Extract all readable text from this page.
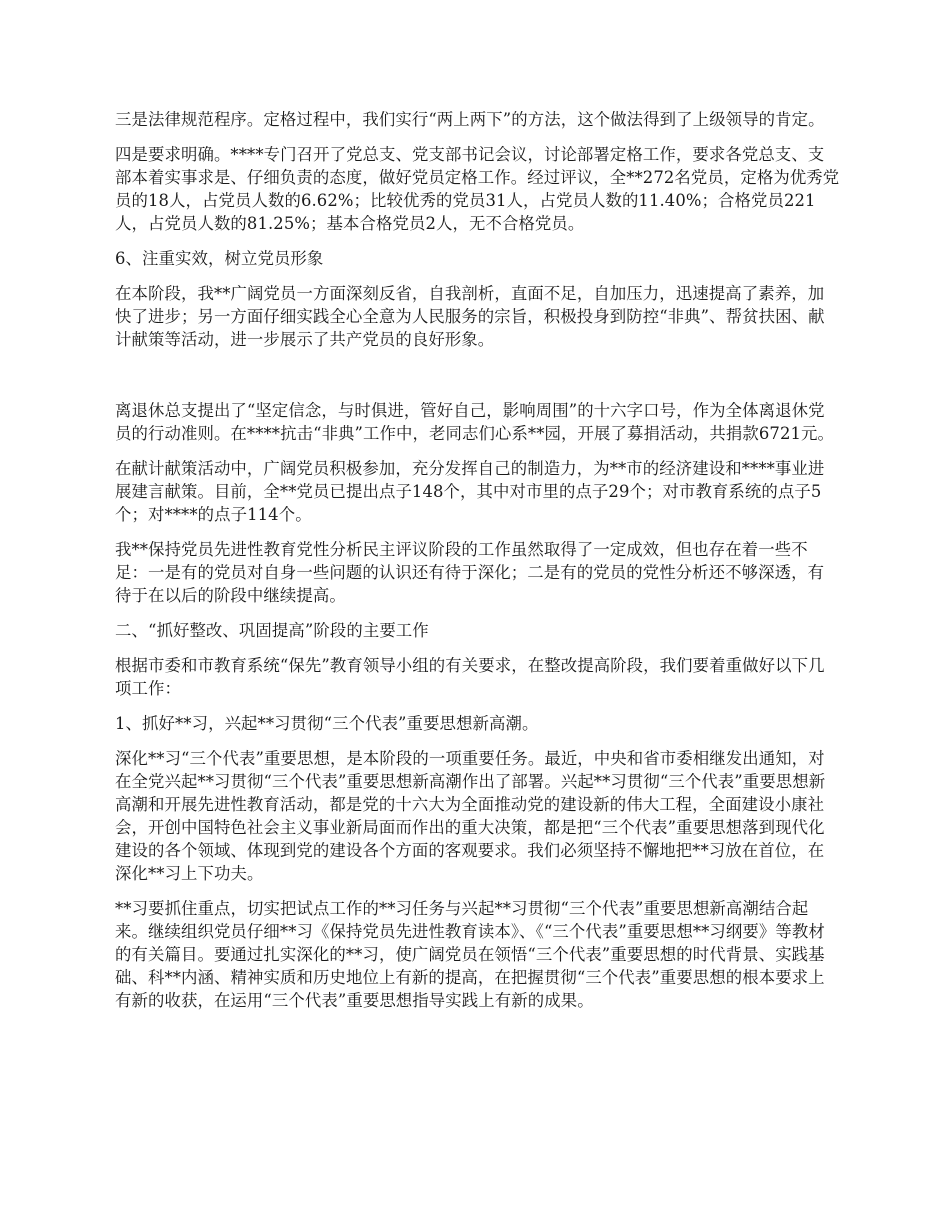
三是法律规范程序。定格过程中，我们实行“两上两下”的方法，这个做法得到了上级领导的肯定。

四是要求明确。****专门召开了党总支、党支部书记会议，讨论部署定格工作，要求各党总支、支部本着实事求是、仔细负责的态度，做好党员定格工作。经过评议，全**272名党员，定格为优秀党员的18人，占党员人数的6.62%；比较优秀的党员31人，占党员人数的11.40%；合格党员221人，占党员人数的81.25%；基本合格党员2人，无不合格党员。

6、注重实效，树立党员形象

在本阶段，我**广阔党员一方面深刻反省，自我剖析，直面不足，自加压力，迅速提高了素养，加快了进步；另一方面仔细实践全心全意为人民服务的宗旨，积极投身到防控“非典”、帮贫扶困、献计献策等活动，进一步展示了共产党员的良好形象。

离退休总支提出了“坚定信念，与时俱进，管好自己，影响周围”的十六字口号，作为全体离退休党员的行动准则。在****抗击“非典”工作中，老同志们心系**园，开展了募捐活动，共捐款6721元。

在献计献策活动中，广阔党员积极参加，充分发挥自己的制造力，为**市的经济建设和****事业进展建言献策。目前，全**党员已提出点子148个，其中对市里的点子29个；对市教育系统的点子5个；对****的点子114个。

我**保持党员先进性教育党性分析民主评议阶段的工作虽然取得了一定成效，但也存在着一些不足：一是有的党员对自身一些问题的认识还有待于深化；二是有的党员的党性分析还不够深透，有待于在以后的阶段中继续提高。

二、“抓好整改、巩固提高”阶段的主要工作

根据市委和市教育系统“保先”教育领导小组的有关要求，在整改提高阶段，我们要着重做好以下几项工作：

1、抓好**习，兴起**习贯彻“三个代表”重要思想新高潮。

深化**习“三个代表”重要思想，是本阶段的一项重要任务。最近，中央和省市委相继发出通知，对在全党兴起**习贯彻“三个代表”重要思想新高潮作出了部署。兴起**习贯彻“三个代表”重要思想新高潮和开展先进性教育活动，都是党的十六大为全面推动党的建设新的伟大工程，全面建设小康社会，开创中国特色社会主义事业新局面而作出的重大决策，都是把“三个代表”重要思想落到现代化建设的各个领域、体现到党的建设各个方面的客观要求。我们必须坚持不懈地把**习放在首位，在深化**习上下功夫。

**习要抓住重点，切实把试点工作的**习任务与兴起**习贯彻“三个代表”重要思想新高潮结合起来。继续组织党员仔细**习《保持党员先进性教育读本》、《“三个代表”重要思想**习纲要》等教材的有关篇目。要通过扎实深化的**习，使广阔党员在领悟“三个代表”重要思想的时代背景、实践基础、科**内涵、精神实质和历史地位上有新的提高，在把握贯彻“三个代表”重要思想的根本要求上有新的收获，在运用“三个代表”重要思想指导实践上有新的成果。
